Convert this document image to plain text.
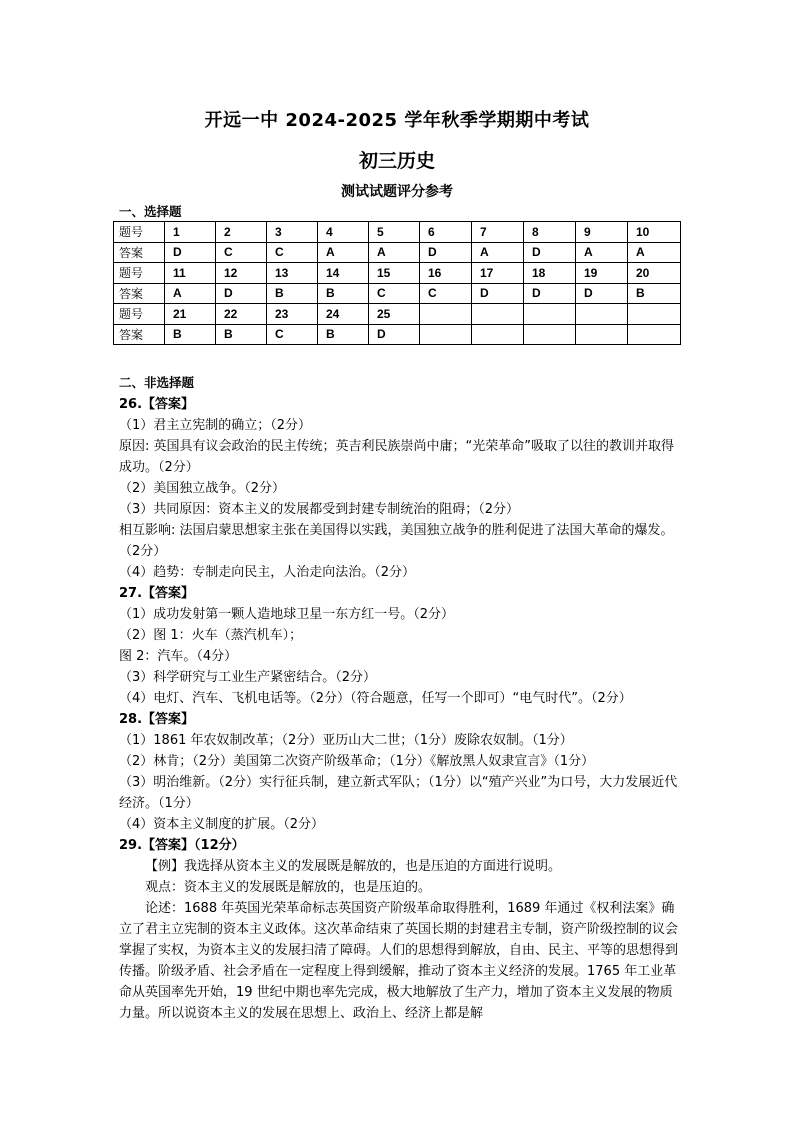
开远一中 2024-2025 学年秋季学期期中考试
初三历史
测试试题评分参考
一、选择题
题号	1	2	3	4	5	6	7	8	9	10
答案	D	C	C	A	A	D	A	D	A	A
题号	11	12	13	14	15	16	17	18	19	20
答案	A	D	B	B	C	C	D	D	D	B
题号	21	22	23	24	25					
答案	B	B	C	B	D					
二、非选择题

26.【答案】

（1）君主立宪制的确立；（2分）

原因: 英国具有议会政治的民主传统；英吉利民族崇尚中庸；“光荣革命”吸取了以往的教训并取得成功。（2分）

（2）美国独立战争。（2分）

（3）共同原因：资本主义的发展都受到封建专制统治的阻碍；（2分）

相互影响: 法国启蒙思想家主张在美国得以实践，美国独立战争的胜利促进了法国大革命的爆发。（2分）

（4）趋势：专制走向民主，人治走向法治。（2分）

27.【答案】

（1）成功发射第一颗人造地球卫星一东方红一号。（2分）

（2）图 1：火车（蒸汽机车）；

图 2：汽车。（4分）

（3）科学研究与工业生产紧密结合。（2分）

（4）电灯、汽车、飞机电话等。（2分）（符合题意，任写一个即可）“电气时代”。（2分）

28.【答案】

（1）1861 年农奴制改革；（2分）亚历山大二世；（1分）废除农奴制。（1分）

（2）林肯；（2分）美国第二次资产阶级革命；（1分）《解放黑人奴隶宣言》（1分）

（3）明治维新。（2分）实行征兵制，建立新式军队；（1分）以“殖产兴业”为口号，大力发展近代经济。（1分）

（4）资本主义制度的扩展。（2分）

29.【答案】（12分）

【例】我选择从资本主义的发展既是解放的，也是压迫的方面进行说明。

观点：资本主义的发展既是解放的，也是压迫的。

论述：1688 年英国光荣革命标志英国资产阶级革命取得胜利，1689 年通过《权利法案》确立了君主立宪制的资本主义政体。这次革命结束了英国长期的封建君主专制，资产阶级控制的议会掌握了实权，为资本主义的发展扫清了障碍。人们的思想得到解放，自由、民主、平等的思想得到传播。阶级矛盾、社会矛盾在一定程度上得到缓解，推动了资本主义经济的发展。1765 年工业革命从英国率先开始，19 世纪中期也率先完成，极大地解放了生产力，增加了资本主义发展的物质力量。所以说资本主义的发展在思想上、政治上、经济上都是解
